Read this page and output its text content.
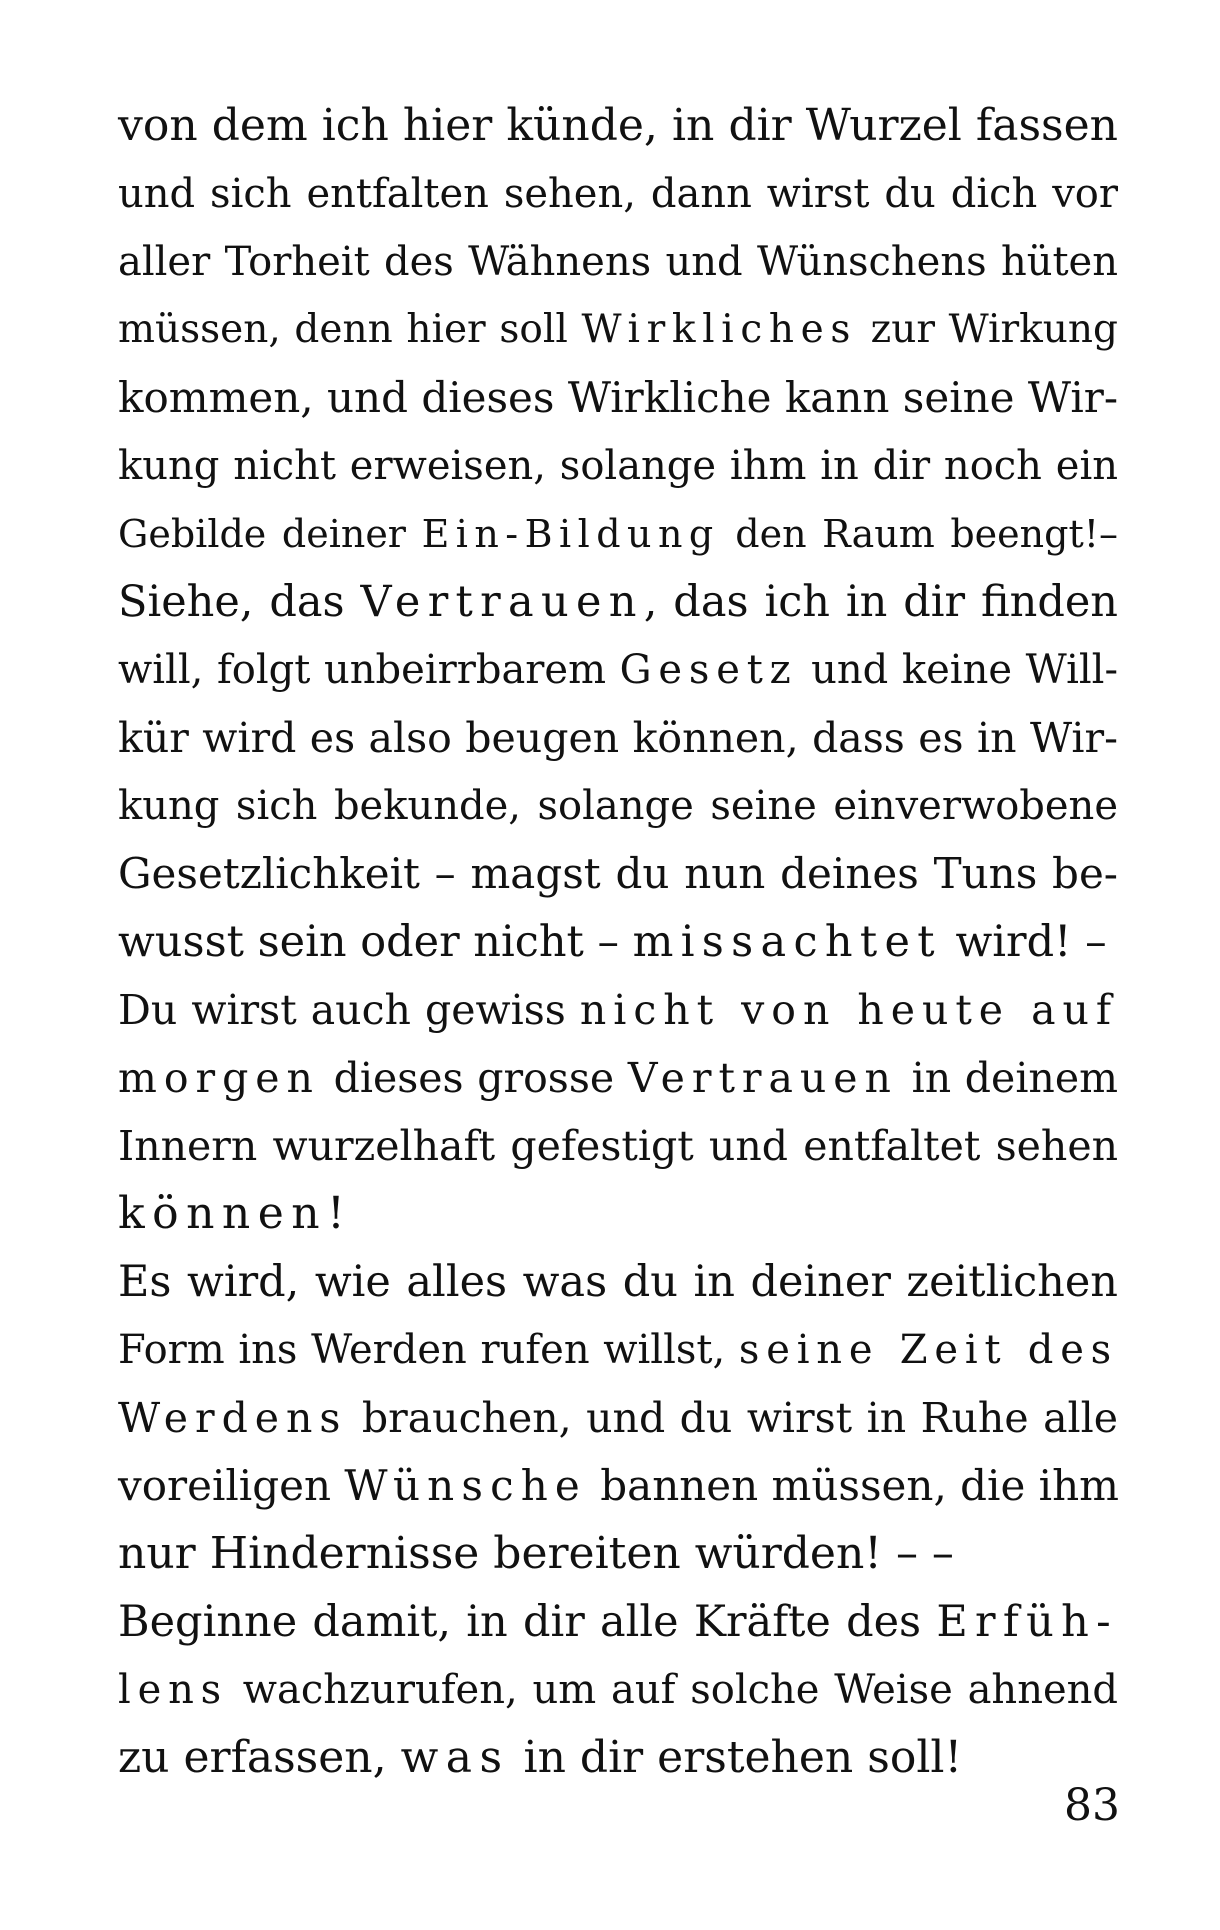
von dem ich hier künde, in dir Wurzel fassen
und sich entfalten sehen, dann wirst du dich vor
aller Torheit des Wähnens und Wünschens hüten
müssen, denn hier soll Wirkliches zur Wirkung
kommen, und dieses Wirkliche kann seine Wir-
kung nicht erweisen, solange ihm in dir noch ein
Gebilde deiner Ein-Bildung den Raum beengt!–
Siehe, das Vertrauen, das ich in dir finden
will, folgt unbeirrbarem Gesetz und keine Will-
kür wird es also beugen können, dass es in Wir-
kung sich bekunde, solange seine einverwobene
Gesetzlichkeit – magst du nun deines Tuns be-
wusst sein oder nicht – missachtet wird! –
Du wirst auch gewiss nicht von heute auf
morgen dieses grosse Vertrauen in deinem
Innern wurzelhaft gefestigt und entfaltet sehen
können!
Es wird, wie alles was du in deiner zeitlichen
Form ins Werden rufen willst, seine Zeit des
Werdens brauchen, und du wirst in Ruhe alle
voreiligen Wünsche bannen müssen, die ihm
nur Hindernisse bereiten würden! – –
Beginne damit, in dir alle Kräfte des Erfüh-
lens wachzurufen, um auf solche Weise ahnend
zu erfassen, was in dir erstehen soll!
83
